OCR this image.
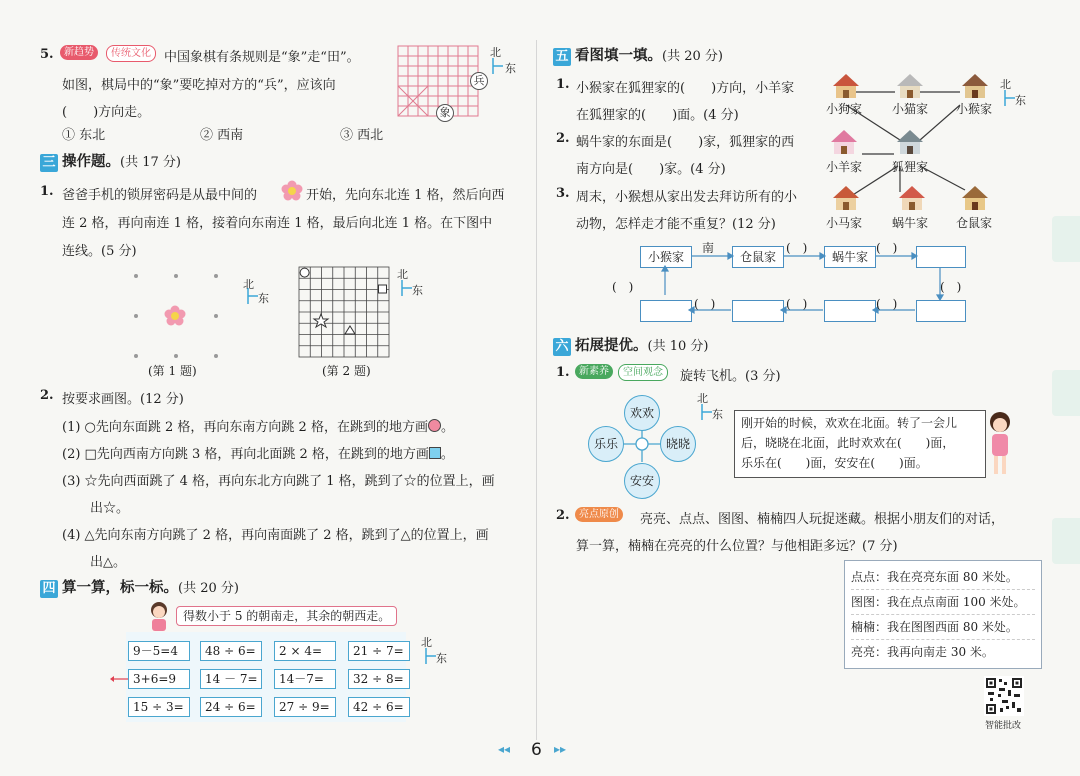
5.	新趋势	传统文化	中国象棋有条规则是“象”走“田”。
如图，棋局中的“象”要吃掉对方的“兵”，应该向
(　　)方向走。
① 东北	② 西南	③ 西北
兵
象
北
东
三 操作题。(共 17 分)
1. 爸爸手机的锁屏密码是从最中间的	开始，先向东北连 1 格，然后向西
连 2 格，再向南连 1 格，接着向东南连 1 格，最后向北连 1 格。在下图中
连线。(5 分)
北
东
(第 1 题)
北
东
(第 2 题)
2. 按要求画图。(12 分)
(1) ○先向东面跳 2 格，再向东南方向跳 2 格，在跳到的地方画 。
(2) □先向西南方向跳 3 格，再向北面跳 2 格，在跳到的地方画 。
(3) ☆先向西面跳了 4 格，再向东北方向跳了 1 格，跳到了☆的位置上，画
出☆。
(4) △先向东南方向跳了 2 格，再向南面跳了 2 格，跳到了△的位置上，画
出△。
四 算一算，标一标。(共 20 分)
得数小于 5 的朝南走，其余的朝西走。
9－5=4	48 ÷ 6=	2 × 4=	21 ÷ 7=
3+6=9	14 － 7=	14－7=	32 ÷ 8=
15 ÷ 3=	24 ÷ 6=	27 ÷ 9=	42 ÷ 6=
北
东
五 看图填一填。(共 20 分)
1. 小猴家在狐狸家的(　　)方向，小羊家
在狐狸家的(　　)面。(4 分)
2. 蜗牛家的东面是(　　)家，狐狸家的西
南方向是(　　)家。(4 分)
3. 周末，小猴想从家出发去拜访所有的小
动物，怎样走才能不重复？(12 分)
小狗家 小猫家 小猴家
小羊家 狐狸家
小马家 蜗牛家 仓鼠家
北
东
小猴家	仓鼠家	蜗牛家
南	(　)	(　)
(　)	(　)
(　)	(　)	(　)
六 拓展提优。(共 10 分)
1. 新素养	空间观念	旋转飞机。(3 分)
欢欢
乐乐	晓晓
安安
北
东
刚开始的时候，欢欢在北面。转了一会儿
后，晓晓在北面，此时欢欢在(　　)面，
乐乐在(　　)面，安安在(　　)面。
2. 亮点原创	亮亮、点点、图图、楠楠四人玩捉迷藏。根据小朋友们的对话，
算一算，楠楠在亮亮的什么位置？与他相距多远？(7 分)
点点：我在亮亮东面 80 米处。
图图：我在点点南面 100 米处。
楠楠：我在图图西面 80 米处。
亮亮：我再向南走 30 米。
智能批改
◂◂ 6 ▸▸
